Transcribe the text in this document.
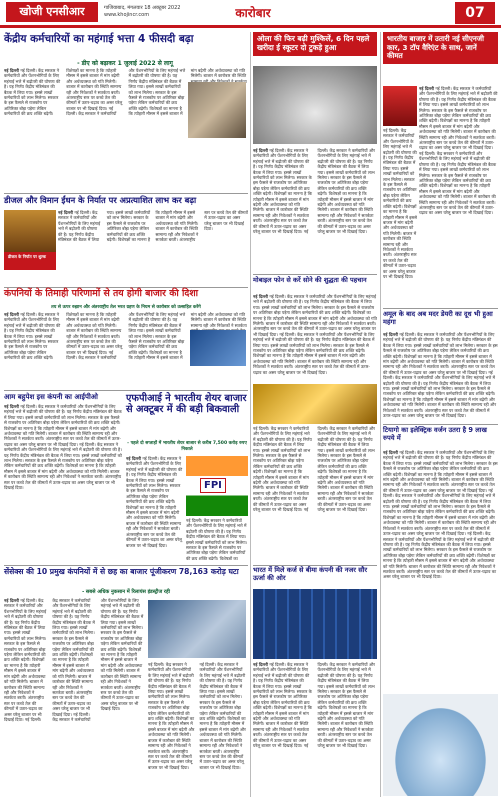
खोजी एनसीआर	गाजियाबाद, मंगलवार 18 अक्टूबर 2022
www.khojincr.com	कारोबार	07
केंद्रीय कर्मचारियों का महंगाई भत्ता 4 फीसदी बढ़ा
- डीए को बढ़ाकर 1 जुलाई 2022 से लागू
नई दिल्ली नई दिल्ली। केंद्र सरकार ने कर्मचारियों और पेंशनभोगियों के लिए महंगाई भत्ते में बढ़ोतरी की घोषणा की है। यह निर्णय केंद्रीय मंत्रिमंडल की बैठक में लिया गया। इससे लाखों कर्मचारियों को लाभ मिलेगा। सरकार के इस फैसले से राजकोष पर अतिरिक्त बोझ पड़ेगा लेकिन कर्मचारियों की क्रय शक्ति बढ़ेगी। विशेषज्ञों का मानना है कि त्योहारी मौसम में इससे बाजार में मांग बढ़ेगी और अर्थव्यवस्था को गति मिलेगी। बाजार में कारोबार की स्थिति सामान्य रही और निवेशकों ने सतर्कता बरती। अंतरराष्ट्रीय स्तर पर कच्चे तेल की कीमतों में उतार-चढ़ाव का असर घरेलू बाजार पर भी दिखाई दिया। नई दिल्ली। केंद्र सरकार ने कर्मचारियों और पेंशनभोगियों के लिए महंगाई भत्ते में बढ़ोतरी की घोषणा की है। यह निर्णय केंद्रीय मंत्रिमंडल की बैठक में लिया गया। इससे लाखों कर्मचारियों को लाभ मिलेगा। सरकार के इस फैसले से राजकोष पर अतिरिक्त बोझ पड़ेगा लेकिन कर्मचारियों की क्रय शक्ति बढ़ेगी। विशेषज्ञों का मानना है कि त्योहारी मौसम में इससे बाजार में मांग बढ़ेगी और अर्थव्यवस्था को गति मिलेगी। बाजार में कारोबार की स्थिति
डीजल और विमान ईंधन के निर्यात पर अप्रत्याशित लाभ कर बढ़ा
डीजल के निर्यात पर शुल्क
नई दिल्ली नई दिल्ली। केंद्र सरकार ने कर्मचारियों और पेंशनभोगियों के लिए महंगाई भत्ते में बढ़ोतरी की घोषणा की है। यह निर्णय केंद्रीय मंत्रिमंडल की बैठक में लिया गया। इससे लाखों कर्मचारियों को लाभ मिलेगा। सरकार के इस फैसले से राजकोष पर अतिरिक्त बोझ पड़ेगा लेकिन कर्मचारियों की क्रय शक्ति बढ़ेगी। विशेषज्ञों का मानना है कि त्योहारी मौसम में इससे बाजार में मांग बढ़ेगी और अर्थव्यवस्था को गति मिलेगी। बाजार में कारोबार की स्थिति सामान्य रही और निवेशकों ने सतर्कता बरती। अंतरराष्ट्रीय स्तर पर कच्चे तेल की कीमतों में उतार-चढ़ाव का असर घरेलू बाजार पर भी दिखाई दिया।
कंपनियों के तिमाही परिणामों से तय होगी बाजार की दिशा
तय से ऊपर रुझान और अंतरराष्ट्रीय तेल भरत ग्रहण के नियम से कारोबार को उत्साहित करेंगे
नई दिल्ली नई दिल्ली। केंद्र सरकार ने कर्मचारियों और पेंशनभोगियों के लिए महंगाई भत्ते में बढ़ोतरी की घोषणा की है। यह निर्णय केंद्रीय मंत्रिमंडल की बैठक में लिया गया। इससे लाखों कर्मचारियों को लाभ मिलेगा। सरकार के इस फैसले से राजकोष पर अतिरिक्त बोझ पड़ेगा लेकिन कर्मचारियों की क्रय शक्ति बढ़ेगी। विशेषज्ञों का मानना है कि त्योहारी मौसम में इससे बाजार में मांग बढ़ेगी और अर्थव्यवस्था को गति मिलेगी। बाजार में कारोबार की स्थिति सामान्य रही और निवेशकों ने सतर्कता बरती। अंतरराष्ट्रीय स्तर पर कच्चे तेल की कीमतों में उतार-चढ़ाव का असर घरेलू बाजार पर भी दिखाई दिया। नई दिल्ली। केंद्र सरकार ने कर्मचारियों और पेंशनभोगियों के लिए महंगाई भत्ते में बढ़ोतरी की घोषणा की है। यह निर्णय केंद्रीय मंत्रिमंडल की बैठक में लिया गया। इससे लाखों कर्मचारियों को लाभ मिलेगा। सरकार के इस फैसले से राजकोष पर अतिरिक्त बोझ पड़ेगा लेकिन कर्मचारियों की क्रय शक्ति बढ़ेगी। विशेषज्ञों का मानना है कि त्योहारी मौसम में इससे बाजार में मांग बढ़ेगी और अर्थव्यवस्था को गति मिलेगी। बाजार में कारोबार की स्थिति सामान्य रही और निवेशकों ने सतर्कता
आम बहुपेश इस कंपनी का आईपीओ
नई दिल्ली नई दिल्ली। केंद्र सरकार ने कर्मचारियों और पेंशनभोगियों के लिए महंगाई भत्ते में बढ़ोतरी की घोषणा की है। यह निर्णय केंद्रीय मंत्रिमंडल की बैठक में लिया गया। इससे लाखों कर्मचारियों को लाभ मिलेगा। सरकार के इस फैसले से राजकोष पर अतिरिक्त बोझ पड़ेगा लेकिन कर्मचारियों की क्रय शक्ति बढ़ेगी। विशेषज्ञों का मानना है कि त्योहारी मौसम में इससे बाजार में मांग बढ़ेगी और अर्थव्यवस्था को गति मिलेगी। बाजार में कारोबार की स्थिति सामान्य रही और निवेशकों ने सतर्कता बरती। अंतरराष्ट्रीय स्तर पर कच्चे तेल की कीमतों में उतार-चढ़ाव का असर घरेलू बाजार पर भी दिखाई दिया। नई दिल्ली। केंद्र सरकार ने कर्मचारियों और पेंशनभोगियों के लिए महंगाई भत्ते में बढ़ोतरी की घोषणा की है। यह निर्णय केंद्रीय मंत्रिमंडल की बैठक में लिया गया। इससे लाखों कर्मचारियों को लाभ मिलेगा। सरकार के इस फैसले से राजकोष पर अतिरिक्त बोझ पड़ेगा लेकिन कर्मचारियों की क्रय शक्ति बढ़ेगी। विशेषज्ञों का मानना है कि त्योहारी मौसम में इससे बाजार में मांग बढ़ेगी और अर्थव्यवस्था को गति मिलेगी। बाजार में कारोबार की स्थिति सामान्य रही और निवेशकों ने सतर्कता बरती। अंतरराष्ट्रीय स्तर पर कच्चे तेल की कीमतों में उतार-चढ़ाव का असर घरेलू बाजार पर भी दिखाई दिया।
एफपीआई ने भारतीय शेयर बाजार से अक्टूबर में की बड़ी बिकवाली
- पहले दो सप्ताहों में भारतीय शेयर बाजार से करीब 7,500 करोड़ रुपए निकाले
नई दिल्ली नई दिल्ली। केंद्र सरकार ने कर्मचारियों और पेंशनभोगियों के लिए महंगाई भत्ते में बढ़ोतरी की घोषणा की है। यह निर्णय केंद्रीय मंत्रिमंडल की बैठक में लिया गया। इससे लाखों कर्मचारियों को लाभ मिलेगा। सरकार के इस फैसले से राजकोष पर अतिरिक्त बोझ पड़ेगा लेकिन कर्मचारियों की क्रय शक्ति बढ़ेगी। विशेषज्ञों का मानना है कि त्योहारी मौसम में इससे बाजार में मांग बढ़ेगी और अर्थव्यवस्था को गति मिलेगी। बाजार में कारोबार की स्थिति सामान्य रही और निवेशकों ने सतर्कता बरती। अंतरराष्ट्रीय स्तर पर कच्चे तेल की कीमतों में उतार-चढ़ाव का असर घरेलू बाजार पर भी दिखाई दिया।
FPI
नई दिल्ली। केंद्र सरकार ने कर्मचारियों और पेंशनभोगियों के लिए महंगाई भत्ते में बढ़ोतरी की घोषणा की है। यह निर्णय केंद्रीय मंत्रिमंडल की बैठक में लिया गया। इससे लाखों कर्मचारियों को लाभ मिलेगा। सरकार के इस फैसले से राजकोष पर अतिरिक्त बोझ पड़ेगा लेकिन कर्मचारियों की क्रय शक्ति बढ़ेगी। विशेषज्ञों का
सेंसेक्स की 10 प्रमुख कंपनियों में से छह का बाजार पूंजीकरण 78,163 करोड़ घटा
- सबसे अधिक नुकसान में रिलायंस इंडस्ट्रीज रही
नई दिल्ली नई दिल्ली। केंद्र सरकार ने कर्मचारियों और पेंशनभोगियों के लिए महंगाई भत्ते में बढ़ोतरी की घोषणा की है। यह निर्णय केंद्रीय मंत्रिमंडल की बैठक में लिया गया। इससे लाखों कर्मचारियों को लाभ मिलेगा। सरकार के इस फैसले से राजकोष पर अतिरिक्त बोझ पड़ेगा लेकिन कर्मचारियों की क्रय शक्ति बढ़ेगी। विशेषज्ञों का मानना है कि त्योहारी मौसम में इससे बाजार में मांग बढ़ेगी और अर्थव्यवस्था को गति मिलेगी। बाजार में कारोबार की स्थिति सामान्य रही और निवेशकों ने सतर्कता बरती। अंतरराष्ट्रीय स्तर पर कच्चे तेल की कीमतों में उतार-चढ़ाव का असर घरेलू बाजार पर भी दिखाई दिया। नई दिल्ली। केंद्र सरकार ने कर्मचारियों और पेंशनभोगियों के लिए महंगाई भत्ते में बढ़ोतरी की घोषणा की है। यह निर्णय केंद्रीय मंत्रिमंडल की बैठक में लिया गया। इससे लाखों कर्मचारियों को लाभ मिलेगा। सरकार के इस फैसले से राजकोष पर अतिरिक्त बोझ पड़ेगा लेकिन कर्मचारियों की क्रय शक्ति बढ़ेगी। विशेषज्ञों का मानना है कि त्योहारी मौसम में इससे बाजार में मांग बढ़ेगी और अर्थव्यवस्था को गति मिलेगी। बाजार में कारोबार की स्थिति सामान्य रही और निवेशकों ने सतर्कता बरती। अंतरराष्ट्रीय स्तर पर कच्चे तेल की कीमतों में उतार-चढ़ाव का असर घरेलू बाजार पर भी दिखाई दिया। नई दिल्ली। केंद्र सरकार ने कर्मचारियों और पेंशनभोगियों के लिए महंगाई भत्ते में बढ़ोतरी की घोषणा की है। यह निर्णय केंद्रीय मंत्रिमंडल की बैठक में लिया गया। इससे लाखों कर्मचारियों को लाभ मिलेगा। सरकार के इस फैसले से राजकोष पर अतिरिक्त बोझ पड़ेगा लेकिन कर्मचारियों की क्रय शक्ति बढ़ेगी। विशेषज्ञों का मानना है कि त्योहारी मौसम में इससे बाजार में मांग बढ़ेगी और अर्थव्यवस्था को गति मिलेगी। बाजार में कारोबार की स्थिति सामान्य रही और निवेशकों ने सतर्कता बरती। अंतरराष्ट्रीय स्तर पर कच्चे तेल की कीमतों में उतार-चढ़ाव का असर घरेलू बाजार पर भी दिखाई दिया।
नई दिल्ली। केंद्र सरकार ने कर्मचारियों और पेंशनभोगियों के लिए महंगाई भत्ते में बढ़ोतरी की घोषणा की है। यह निर्णय केंद्रीय मंत्रिमंडल की बैठक में लिया गया। इससे लाखों कर्मचारियों को लाभ मिलेगा। सरकार के इस फैसले से राजकोष पर अतिरिक्त बोझ पड़ेगा लेकिन कर्मचारियों की क्रय शक्ति बढ़ेगी। विशेषज्ञों का मानना है कि त्योहारी मौसम में इससे बाजार में मांग बढ़ेगी और अर्थव्यवस्था को गति मिलेगी। बाजार में कारोबार की स्थिति सामान्य रही और निवेशकों ने सतर्कता बरती। अंतरराष्ट्रीय स्तर पर कच्चे तेल की कीमतों में उतार-चढ़ाव का असर घरेलू बाजार पर भी दिखाई दिया। नई दिल्ली। केंद्र सरकार ने कर्मचारियों और पेंशनभोगियों के लिए महंगाई भत्ते में बढ़ोतरी की घोषणा की है। यह निर्णय केंद्रीय मंत्रिमंडल की बैठक में लिया गया। इससे लाखों कर्मचारियों को लाभ मिलेगा। सरकार के इस फैसले से राजकोष पर अतिरिक्त बोझ पड़ेगा लेकिन कर्मचारियों की क्रय शक्ति बढ़ेगी। विशेषज्ञों का मानना है कि त्योहारी मौसम में इससे बाजार में मांग बढ़ेगी और अर्थव्यवस्था को गति मिलेगी। बाजार में कारोबार की स्थिति सामान्य रही और निवेशकों ने सतर्कता बरती। अंतरराष्ट्रीय स्तर पर कच्चे तेल की कीमतों में उतार-चढ़ाव का असर घरेलू बाजार पर भी दिखाई दिया।
ओला की फिर बढ़ी मुश्किलें, 6 दिन पहले खरीदा ई स्कूटर दो टुकड़े हुआ
नई दिल्ली नई दिल्ली। केंद्र सरकार ने कर्मचारियों और पेंशनभोगियों के लिए महंगाई भत्ते में बढ़ोतरी की घोषणा की है। यह निर्णय केंद्रीय मंत्रिमंडल की बैठक में लिया गया। इससे लाखों कर्मचारियों को लाभ मिलेगा। सरकार के इस फैसले से राजकोष पर अतिरिक्त बोझ पड़ेगा लेकिन कर्मचारियों की क्रय शक्ति बढ़ेगी। विशेषज्ञों का मानना है कि त्योहारी मौसम में इससे बाजार में मांग बढ़ेगी और अर्थव्यवस्था को गति मिलेगी। बाजार में कारोबार की स्थिति सामान्य रही और निवेशकों ने सतर्कता बरती। अंतरराष्ट्रीय स्तर पर कच्चे तेल की कीमतों में उतार-चढ़ाव का असर घरेलू बाजार पर भी दिखाई दिया। नई दिल्ली। केंद्र सरकार ने कर्मचारियों और पेंशनभोगियों के लिए महंगाई भत्ते में बढ़ोतरी की घोषणा की है। यह निर्णय केंद्रीय मंत्रिमंडल की बैठक में लिया गया। इससे लाखों कर्मचारियों को लाभ मिलेगा। सरकार के इस फैसले से राजकोष पर अतिरिक्त बोझ पड़ेगा लेकिन कर्मचारियों की क्रय शक्ति बढ़ेगी। विशेषज्ञों का मानना है कि त्योहारी मौसम में इससे बाजार में मांग बढ़ेगी और अर्थव्यवस्था को गति मिलेगी। बाजार में कारोबार की स्थिति सामान्य रही और निवेशकों ने सतर्कता बरती। अंतरराष्ट्रीय स्तर पर कच्चे तेल की कीमतों में उतार-चढ़ाव का असर घरेलू बाजार पर भी दिखाई दिया।
मोबाइल फोन से करें सोने की शुद्धता की पहचान
नई दिल्ली नई दिल्ली। केंद्र सरकार ने कर्मचारियों और पेंशनभोगियों के लिए महंगाई भत्ते में बढ़ोतरी की घोषणा की है। यह निर्णय केंद्रीय मंत्रिमंडल की बैठक में लिया गया। इससे लाखों कर्मचारियों को लाभ मिलेगा। सरकार के इस फैसले से राजकोष पर अतिरिक्त बोझ पड़ेगा लेकिन कर्मचारियों की क्रय शक्ति बढ़ेगी। विशेषज्ञों का मानना है कि त्योहारी मौसम में इससे बाजार में मांग बढ़ेगी और अर्थव्यवस्था को गति मिलेगी। बाजार में कारोबार की स्थिति सामान्य रही और निवेशकों ने सतर्कता बरती। अंतरराष्ट्रीय स्तर पर कच्चे तेल की कीमतों में उतार-चढ़ाव का असर घरेलू बाजार पर भी दिखाई दिया। नई दिल्ली। केंद्र सरकार ने कर्मचारियों और पेंशनभोगियों के लिए महंगाई भत्ते में बढ़ोतरी की घोषणा की है। यह निर्णय केंद्रीय मंत्रिमंडल की बैठक में लिया गया। इससे लाखों कर्मचारियों को लाभ मिलेगा। सरकार के इस फैसले से राजकोष पर अतिरिक्त बोझ पड़ेगा लेकिन कर्मचारियों की क्रय शक्ति बढ़ेगी। विशेषज्ञों का मानना है कि त्योहारी मौसम में इससे बाजार में मांग बढ़ेगी और अर्थव्यवस्था को गति मिलेगी। बाजार में कारोबार की स्थिति सामान्य रही और निवेशकों ने सतर्कता बरती। अंतरराष्ट्रीय स्तर पर कच्चे तेल की कीमतों में उतार-चढ़ाव का असर घरेलू बाजार पर भी दिखाई दिया।
नई दिल्ली। केंद्र सरकार ने कर्मचारियों और पेंशनभोगियों के लिए महंगाई भत्ते में बढ़ोतरी की घोषणा की है। यह निर्णय केंद्रीय मंत्रिमंडल की बैठक में लिया गया। इससे लाखों कर्मचारियों को लाभ मिलेगा। सरकार के इस फैसले से राजकोष पर अतिरिक्त बोझ पड़ेगा लेकिन कर्मचारियों की क्रय शक्ति बढ़ेगी। विशेषज्ञों का मानना है कि त्योहारी मौसम में इससे बाजार में मांग बढ़ेगी और अर्थव्यवस्था को गति मिलेगी। बाजार में कारोबार की स्थिति सामान्य रही और निवेशकों ने सतर्कता बरती। अंतरराष्ट्रीय स्तर पर कच्चे तेल की कीमतों में उतार-चढ़ाव का असर घरेलू बाजार पर भी दिखाई दिया। नई दिल्ली। केंद्र सरकार ने कर्मचारियों और पेंशनभोगियों के लिए महंगाई भत्ते में बढ़ोतरी की घोषणा की है। यह निर्णय केंद्रीय मंत्रिमंडल की बैठक में लिया गया। इससे लाखों कर्मचारियों को लाभ मिलेगा। सरकार के इस फैसले से राजकोष पर अतिरिक्त बोझ पड़ेगा लेकिन कर्मचारियों की क्रय शक्ति बढ़ेगी। विशेषज्ञों का मानना है कि त्योहारी मौसम में इससे बाजार में मांग बढ़ेगी और अर्थव्यवस्था को गति मिलेगी। बाजार में कारोबार की स्थिति सामान्य रही और निवेशकों ने सतर्कता बरती। अंतरराष्ट्रीय स्तर पर कच्चे तेल की कीमतों में उतार-चढ़ाव का असर घरेलू बाजार पर भी दिखाई दिया।
भारत में मिले कर्ज से बीमा कंपनी की नजर सौर ऊर्जा की ओर
नई दिल्ली नई दिल्ली। केंद्र सरकार ने कर्मचारियों और पेंशनभोगियों के लिए महंगाई भत्ते में बढ़ोतरी की घोषणा की है। यह निर्णय केंद्रीय मंत्रिमंडल की बैठक में लिया गया। इससे लाखों कर्मचारियों को लाभ मिलेगा। सरकार के इस फैसले से राजकोष पर अतिरिक्त बोझ पड़ेगा लेकिन कर्मचारियों की क्रय शक्ति बढ़ेगी। विशेषज्ञों का मानना है कि त्योहारी मौसम में इससे बाजार में मांग बढ़ेगी और अर्थव्यवस्था को गति मिलेगी। बाजार में कारोबार की स्थिति सामान्य रही और निवेशकों ने सतर्कता बरती। अंतरराष्ट्रीय स्तर पर कच्चे तेल की कीमतों में उतार-चढ़ाव का असर घरेलू बाजार पर भी दिखाई दिया। नई दिल्ली। केंद्र सरकार ने कर्मचारियों और पेंशनभोगियों के लिए महंगाई भत्ते में बढ़ोतरी की घोषणा की है। यह निर्णय केंद्रीय मंत्रिमंडल की बैठक में लिया गया। इससे लाखों कर्मचारियों को लाभ मिलेगा। सरकार के इस फैसले से राजकोष पर अतिरिक्त बोझ पड़ेगा लेकिन कर्मचारियों की क्रय शक्ति बढ़ेगी। विशेषज्ञों का मानना है कि त्योहारी मौसम में इससे बाजार में मांग बढ़ेगी और अर्थव्यवस्था को गति मिलेगी। बाजार में कारोबार की स्थिति सामान्य रही और निवेशकों ने सतर्कता बरती। अंतरराष्ट्रीय स्तर पर कच्चे तेल की कीमतों में उतार-चढ़ाव का असर घरेलू बाजार पर भी दिखाई दिया।
भारतीय बाजार में उतारी नई सीएनजी कार, 3 टॉप वैरिएंट के साथ, जानें कीमत
नई दिल्ली नई दिल्ली। केंद्र सरकार ने कर्मचारियों और पेंशनभोगियों के लिए महंगाई भत्ते में बढ़ोतरी की घोषणा की है। यह निर्णय केंद्रीय मंत्रिमंडल की बैठक में लिया गया। इससे लाखों कर्मचारियों को लाभ मिलेगा। सरकार के इस फैसले से राजकोष पर अतिरिक्त बोझ पड़ेगा लेकिन कर्मचारियों की क्रय शक्ति बढ़ेगी। विशेषज्ञों का मानना है कि त्योहारी मौसम में इससे बाजार में मांग बढ़ेगी और अर्थव्यवस्था को गति मिलेगी। बाजार में कारोबार की स्थिति सामान्य रही और निवेशकों ने सतर्कता बरती। अंतरराष्ट्रीय स्तर पर कच्चे तेल की कीमतों में उतार-चढ़ाव का असर घरेलू बाजार पर भी दिखाई दिया। नई दिल्ली। केंद्र सरकार ने कर्मचारियों और पेंशनभोगियों के लिए महंगाई भत्ते में बढ़ोतरी की घोषणा की है। यह निर्णय केंद्रीय मंत्रिमंडल की बैठक में लिया गया। इससे लाखों कर्मचारियों को लाभ मिलेगा। सरकार के इस फैसले से राजकोष पर अतिरिक्त बोझ पड़ेगा लेकिन कर्मचारियों की क्रय शक्ति बढ़ेगी। विशेषज्ञों का मानना है कि त्योहारी मौसम में इससे बाजार में मांग बढ़ेगी और अर्थव्यवस्था को गति मिलेगी। बाजार में कारोबार की स्थिति सामान्य रही और निवेशकों ने सतर्कता बरती। अंतरराष्ट्रीय स्तर पर कच्चे तेल की कीमतों में उतार-चढ़ाव का असर घरेलू बाजार पर भी दिखाई दिया।
नई दिल्ली। केंद्र सरकार ने कर्मचारियों और पेंशनभोगियों के लिए महंगाई भत्ते में बढ़ोतरी की घोषणा की है। यह निर्णय केंद्रीय मंत्रिमंडल की बैठक में लिया गया। इससे लाखों कर्मचारियों को लाभ मिलेगा। सरकार के इस फैसले से राजकोष पर अतिरिक्त बोझ पड़ेगा लेकिन कर्मचारियों की क्रय शक्ति बढ़ेगी। विशेषज्ञों का मानना है कि त्योहारी मौसम में इससे बाजार में मांग बढ़ेगी और अर्थव्यवस्था को गति मिलेगी। बाजार में कारोबार की स्थिति सामान्य रही और निवेशकों ने सतर्कता बरती। अंतरराष्ट्रीय स्तर पर कच्चे तेल की कीमतों में उतार-चढ़ाव का असर घरेलू बाजार पर भी दिखाई दिया।
अमूल के बाद अब मदर डेयरी का दूध भी हुआ महंगा
नई दिल्ली नई दिल्ली। केंद्र सरकार ने कर्मचारियों और पेंशनभोगियों के लिए महंगाई भत्ते में बढ़ोतरी की घोषणा की है। यह निर्णय केंद्रीय मंत्रिमंडल की बैठक में लिया गया। इससे लाखों कर्मचारियों को लाभ मिलेगा। सरकार के इस फैसले से राजकोष पर अतिरिक्त बोझ पड़ेगा लेकिन कर्मचारियों की क्रय शक्ति बढ़ेगी। विशेषज्ञों का मानना है कि त्योहारी मौसम में इससे बाजार में मांग बढ़ेगी और अर्थव्यवस्था को गति मिलेगी। बाजार में कारोबार की स्थिति सामान्य रही और निवेशकों ने सतर्कता बरती। अंतरराष्ट्रीय स्तर पर कच्चे तेल की कीमतों में उतार-चढ़ाव का असर घरेलू बाजार पर भी दिखाई दिया। नई दिल्ली। केंद्र सरकार ने कर्मचारियों और पेंशनभोगियों के लिए महंगाई भत्ते में बढ़ोतरी की घोषणा की है। यह निर्णय केंद्रीय मंत्रिमंडल की बैठक में लिया गया। इससे लाखों कर्मचारियों को लाभ मिलेगा। सरकार के इस फैसले से राजकोष पर अतिरिक्त बोझ पड़ेगा लेकिन कर्मचारियों की क्रय शक्ति बढ़ेगी। विशेषज्ञों का मानना है कि त्योहारी मौसम में इससे बाजार में मांग बढ़ेगी और अर्थव्यवस्था को गति मिलेगी। बाजार में कारोबार की स्थिति सामान्य रही और निवेशकों ने सतर्कता बरती। अंतरराष्ट्रीय स्तर पर कच्चे तेल की कीमतों में उतार-चढ़ाव का असर घरेलू बाजार पर भी दिखाई दिया।
टियागो का इलेक्ट्रिक वर्जन उतरा है 9 लाख रुपये में
नई दिल्ली नई दिल्ली। केंद्र सरकार ने कर्मचारियों और पेंशनभोगियों के लिए महंगाई भत्ते में बढ़ोतरी की घोषणा की है। यह निर्णय केंद्रीय मंत्रिमंडल की बैठक में लिया गया। इससे लाखों कर्मचारियों को लाभ मिलेगा। सरकार के इस फैसले से राजकोष पर अतिरिक्त बोझ पड़ेगा लेकिन कर्मचारियों की क्रय शक्ति बढ़ेगी। विशेषज्ञों का मानना है कि त्योहारी मौसम में इससे बाजार में मांग बढ़ेगी और अर्थव्यवस्था को गति मिलेगी। बाजार में कारोबार की स्थिति सामान्य रही और निवेशकों ने सतर्कता बरती। अंतरराष्ट्रीय स्तर पर कच्चे तेल की कीमतों में उतार-चढ़ाव का असर घरेलू बाजार पर भी दिखाई दिया। नई दिल्ली। केंद्र सरकार ने कर्मचारियों और पेंशनभोगियों के लिए महंगाई भत्ते में बढ़ोतरी की घोषणा की है। यह निर्णय केंद्रीय मंत्रिमंडल की बैठक में लिया गया। इससे लाखों कर्मचारियों को लाभ मिलेगा। सरकार के इस फैसले से राजकोष पर अतिरिक्त बोझ पड़ेगा लेकिन कर्मचारियों की क्रय शक्ति बढ़ेगी। विशेषज्ञों का मानना है कि त्योहारी मौसम में इससे बाजार में मांग बढ़ेगी और अर्थव्यवस्था को गति मिलेगी। बाजार में कारोबार की स्थिति सामान्य रही और निवेशकों ने सतर्कता बरती। अंतरराष्ट्रीय स्तर पर कच्चे तेल की कीमतों में उतार-चढ़ाव का असर घरेलू बाजार पर भी दिखाई दिया। नई दिल्ली। केंद्र सरकार ने कर्मचारियों और पेंशनभोगियों के लिए महंगाई भत्ते में बढ़ोतरी की घोषणा की है। यह निर्णय केंद्रीय मंत्रिमंडल की बैठक में लिया गया। इससे लाखों कर्मचारियों को लाभ मिलेगा। सरकार के इस फैसले से राजकोष पर अतिरिक्त बोझ पड़ेगा लेकिन कर्मचारियों की क्रय शक्ति बढ़ेगी। विशेषज्ञों का मानना है कि त्योहारी मौसम में इससे बाजार में मांग बढ़ेगी और अर्थव्यवस्था को गति मिलेगी। बाजार में कारोबार की स्थिति सामान्य रही और निवेशकों ने सतर्कता बरती। अंतरराष्ट्रीय स्तर पर कच्चे तेल की कीमतों में उतार-चढ़ाव का असर घरेलू बाजार पर भी दिखाई दिया।
